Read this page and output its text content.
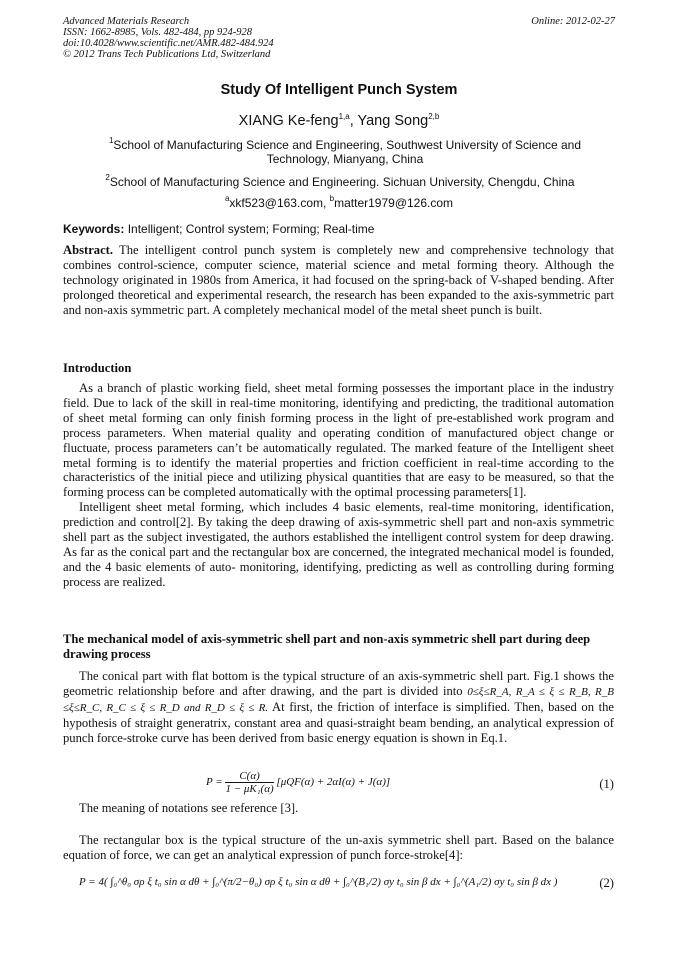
Advanced Materials Research
ISSN: 1662-8985, Vols. 482-484, pp 924-928
doi:10.4028/www.scientific.net/AMR.482-484.924
© 2012 Trans Tech Publications Ltd, Switzerland
Online: 2012-02-27
Study Of Intelligent Punch System
XIANG Ke-feng$^{1,a}$, Yang Song$^{2,b}$
$^1$School of Manufacturing Science and Engineering, Southwest University of Science and Technology, Mianyang, China
$^2$School of Manufacturing Science and Engineering. Sichuan University, Chengdu, China
$^a$xkf523@163.com, $^b$matter1979@126.com
Keywords: Intelligent; Control system; Forming; Real-time

Abstract. The intelligent control punch system is completely new and comprehensive technology that combines control-science, computer science, material science and metal forming theory. Although the technology originated in 1980s from America, it had focused on the spring-back of V-shaped bending. After prolonged theoretical and experimental research, the research has been expanded to the axis-symmetric part and non-axis symmetric part. A completely mechanical model of the metal sheet punch is built.

Introduction

As a branch of plastic working field, sheet metal forming possesses the important place in the industry field. Due to lack of the skill in real-time monitoring, identifying and predicting, the traditional automation of sheet metal forming can only finish forming process in the light of pre-established work program and process parameters. When material quality and operating condition of manufactured object change or fluctuate, process parameters can’t be automatically regulated. The marked feature of the Intelligent sheet metal forming is to identify the material properties and friction coefficient in real-time according to the characteristics of the initial piece and utilizing physical quantities that are easy to be measured, so that the forming process can be completed automatically with the optimal processing parameters[1].

Intelligent sheet metal forming, which includes 4 basic elements, real-time monitoring, identification, prediction and control[2]. By taking the deep drawing of axis-symmetric shell part and non-axis symmetric shell part as the subject investigated, the authors established the intelligent control system for deep drawing. As far as the conical part and the rectangular box are concerned, the integrated mechanical model is founded, and the 4 basic elements of auto- monitoring, identifying, predicting as well as controlling during forming process are realized.

The mechanical model of axis-symmetric shell part and non-axis symmetric shell part during deep drawing process

The conical part with flat bottom is the typical structure of an axis-symmetric shell part. Fig.1 shows the geometric relationship before and after drawing, and the part is divided into 0≤ξ≤R_A, R_A ≤ ξ ≤ R_B, R_B ≤ξ≤R_C, R_C ≤ ξ ≤ R_D and R_D ≤ ξ ≤ R. At first, the friction of interface is simplified. Then, based on the hypothesis of straight generatrix, constant area and quasi-straight beam bending, an analytical expression of punch force-stroke curve has been derived from basic energy equation is shown in Eq.1.

$P = \frac{C(\alpha)}{\text{1 − μK₁(α)}} [\mu QF(\alpha) + 2\alpha I(\alpha) + J(\alpha)]$	(1)
The meaning of notations see reference [3].

The rectangular box is the typical structure of the un-axis symmetric shell part. Based on the balance equation of force, we can get an analytical expression of punch force-stroke[4]:

P = 4( ∫₀^θ₀ σρ ξ t₀ sin α dθ + ∫₀^(π/2−θ₀) σρ ξ t₀ sin α dθ + ∫₀^(B₁/2) σy t₀ sin β dx + ∫₀^(A₁/2) σy t₀ sin β dx )	(2)
